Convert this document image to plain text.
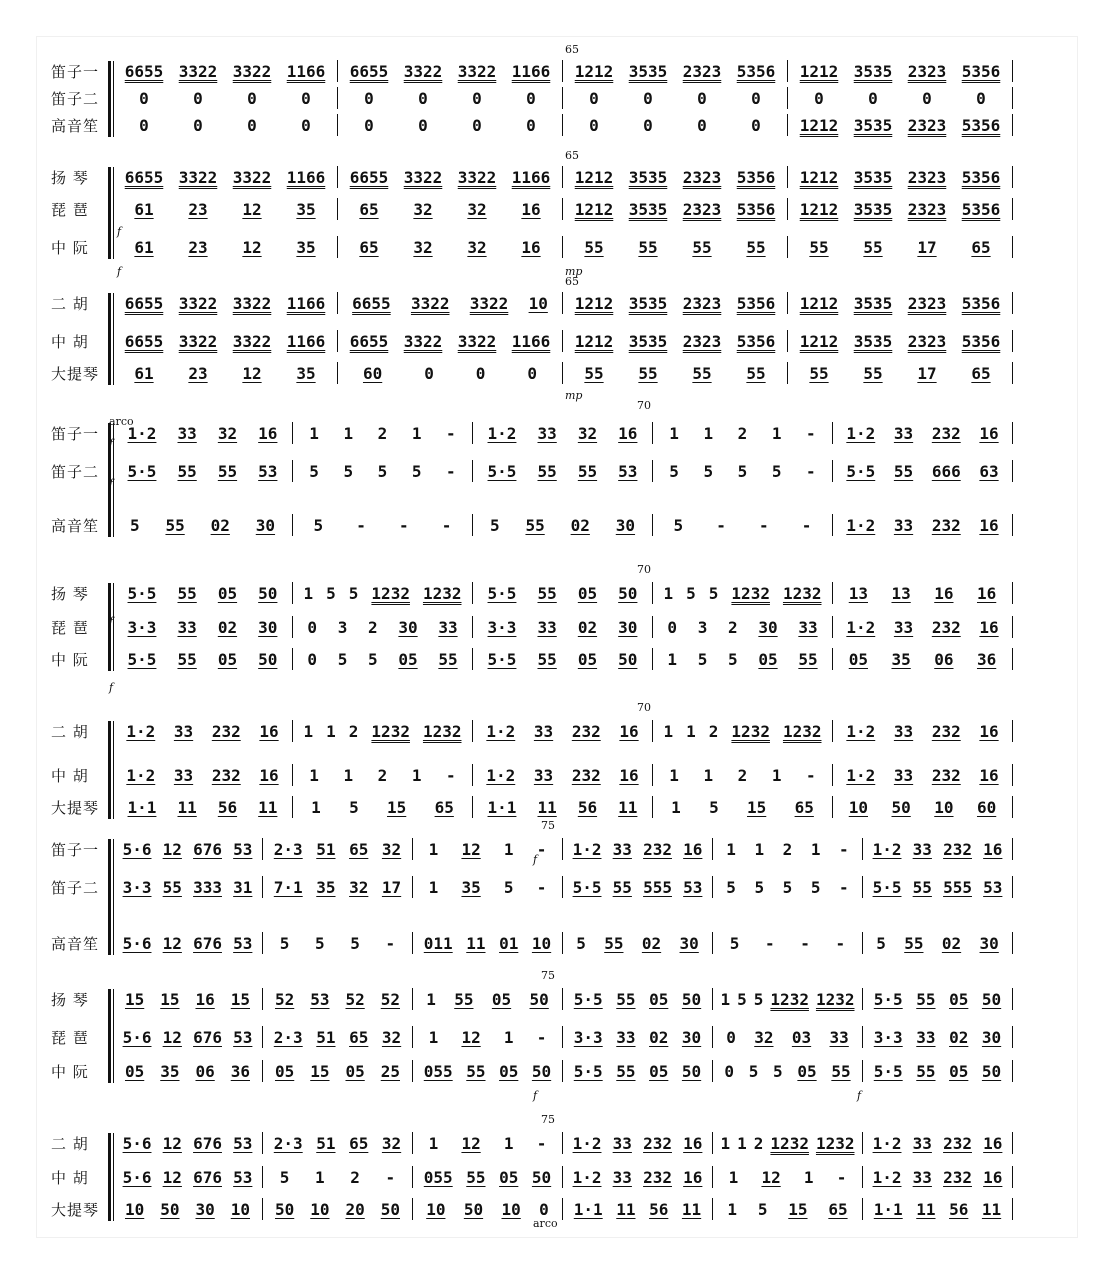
笛子一	6655 3322 3322 1166 6655 3322 3322 1166 1212 3535 2323 5356 1212 3535 2323 5356
笛子二	0	0	0	0	0	0	0	0	0	0	0	0	0	0	0	0
高音笙	0	0	0	0	0	0	0	0	0	0	0	0 1212 3535 2323 5356
扬 琴	6655 3322 3322 1166 6655 3322 3322 1166 1212 3535 2323 5356 1212 3535 2323 5356
琵 琶	61 23 12 35	65 32 32 16 1212 3535 2323 5356 1212 3535 2323 5356
中 阮	61 23 12 35	65 32 32 16	55 55 55 55	55 55 17 65
二 胡	6655 3322 3322 1166 6655 3322 3322 10 1212 3535 2323 5356 1212 3535 2323 5356
中 胡	6655 3322 3322 1166 6655 3322 3322 1166 1212 3535 2323 5356 1212 3535 2323 5356
大提琴	61 23 12 35	60	0	0	0	55 55 55 55	55 55 17 65
笛子一	1·2 33 32 16 1 1 2 1 - 1·2 33 32 16 1 1 2 1 - 1·2 33 232 16
笛子二	5·5 55 55 53 5 5 5 5 - 5·5 55 55 53 5 5 5 5 - 5·5 55 666 63
高音笙	5 55 02 30 5 - - - 5 55 02 30 5 - - - 1·2 33 232 16
扬 琴	5·5 55 05 50 1 5 5 1232 1232 5·5 55 05 50 1 5 5 1232 1232 13 13 16 16
琵 琶	3·3 33 02 30 0 3 2 30 33 3·3 33 02 30 0 3 2 30 33 1·2 33 232 16
中 阮	5·5 55 05 50 0 5 5 05 55 5·5 55 05 50 1 5 5 05 55 05 35 06 36
二 胡	1·2 33 232 16 1 1 2 1232 1232 1·2 33 232 16 1 1 2 1232 1232 1·2 33 232 16
中 胡	1·2 33 232 16 1 1 2 1 - 1·2 33 232 16 1 1 2 1 - 1·2 33 232 16
大提琴	1·1 11 56 11 1 5 15 65 1·1 11 56 11 1 5 15 65 10 50 10 60
笛子一	5·6 12 676 53 2·3 51 65 32 1 12 1 - 1·2 33 232 16 1 1 2 1 - 1·2 33 232 16
笛子二	3·3 55 333 31 7·1 35 32 17 1 35 5 - 5·5 55 555 53 5 5 5 5 - 5·5 55 555 53
高音笙	5·6 12 676 53 5 5 5 - 011 11 01 10 5 55 02 30 5 - - - 5 55 02 30
扬 琴	15 15 16 15 52 53 52 52 1 55 05 50 5·5 55 05 50 1 5 5 1232 1232 5·5 55 05 50
琵 琶	5·6 12 676 53 2·3 51 65 32 1 12 1 - 3·3 33 02 30 0 32 03 33 3·3 33 02 30
中 阮	05 35 06 36 05 15 05 25 055 55 05 50 5·5 55 05 50 0 5 5 05 55 5·5 55 05 50
二 胡	5·6 12 676 53 2·3 51 65 32 1 12 1 - 1·2 33 232 16 1 1 2 1232 1232 1·2 33 232 16
中 胡	5·6 12 676 53 5 1 2 - 055 55 05 50 1·2 33 232 16 1 12 1 - 1·2 33 232 16
大提琴	10 50 30 10 50 10 20 50 10 50 10 0 1·1 11 56 11 1 5 15 65 1·1 11 56 11
65
65
65
70
70
70
75
75
75
arco
arco
f
f	mp
mp
f
f
f
f
f
f	f
